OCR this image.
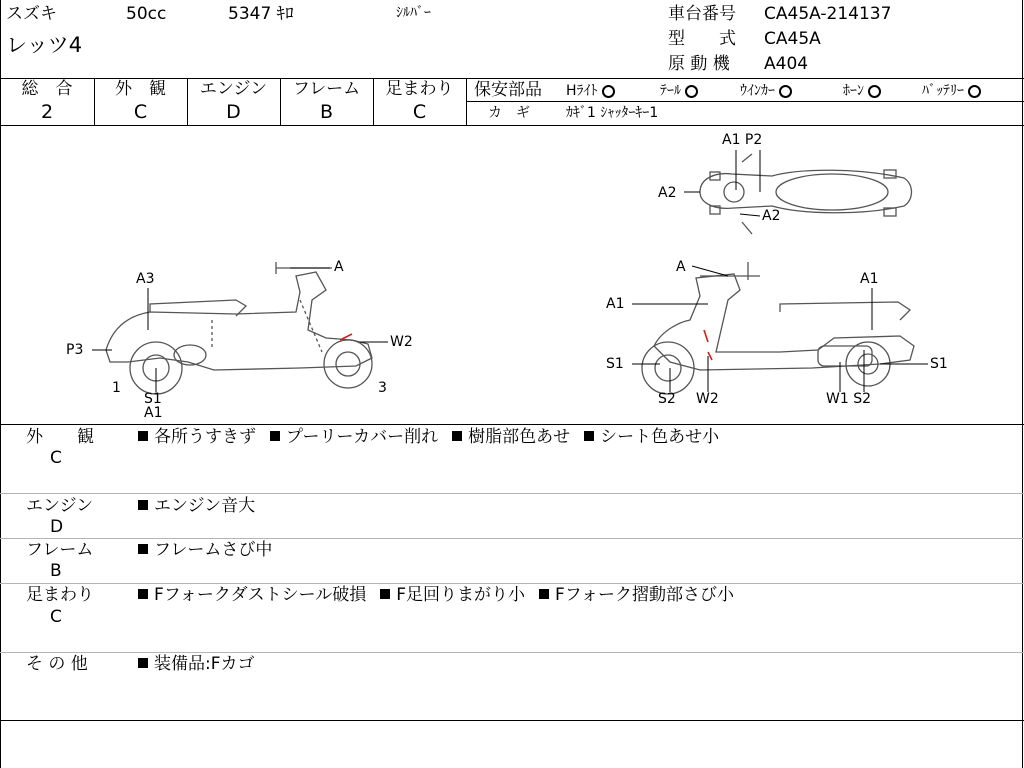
スズキ
レッツ4
50cc	5347 ｷﾛ	ｼﾙﾊﾞｰ	車台番号 CA45A-214137
型　　式 CA45A
原 動 機 A404
総　合
2
外　観
C
エンジン
D
フレーム
B
足まわり
C
保安部品 Hﾗｲﾄ	ﾃｰﾙ	ｳｲﾝｶｰ	ﾎｰﾝ	ﾊﾞｯﾃﾘｰ
カ　ギ	ｶｷﾞ1 ｼｬｯﾀｰｷｰ1
A
A3
P3	W2
1
S1
A1
3
A1 P2
A2
A2
A
A1
A1
S1	S1
S2 W2	W1 S2
外　　観
C
各所うすきず プーリーカバー削れ 樹脂部色あせ シート色あせ小
エンジン
D
エンジン音大
フレーム
B
フレームさび中
足まわり
C
Fフォークダストシール破損 F足回りまがり小 Fフォーク摺動部さび小
そ の 他	装備品:Fカゴ
